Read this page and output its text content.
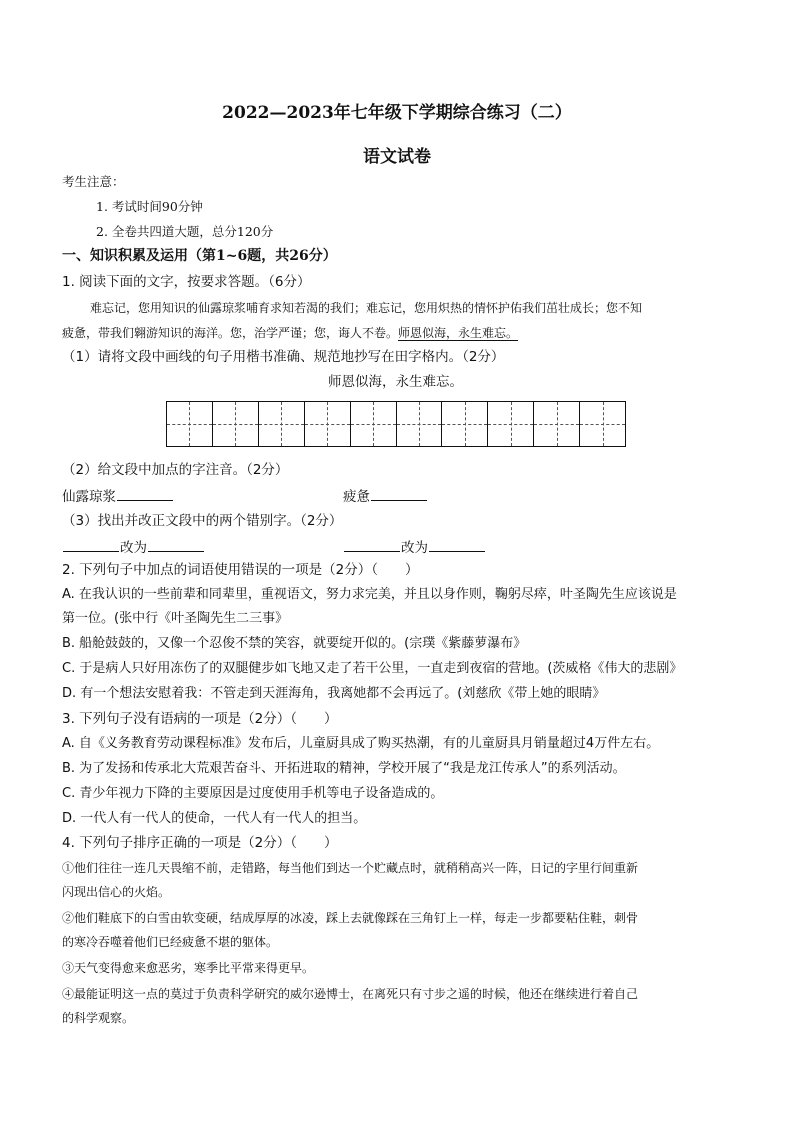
2022—2023年七年级下学期综合练习（二）
语文试卷
考生注意：
1. 考试时间90分钟
2. 全卷共四道大题，总分120分
一、知识积累及运用（第1~6题，共26分）
1. 阅读下面的文字，按要求答题。（6分）
难忘记，您用知识的仙露琼浆哺育求知若渴的我们；难忘记，您用炽热的情怀护佑我们茁壮成长；您不知
疲惫，带我们翱游知识的海洋。您，治学严谨；您，诲人不卷。师恩似海，永生难忘。
（1）请将文段中画线的句子用楷书准确、规范地抄写在田字格内。（2分）
师恩似海，永生难忘。
（2）给文段中加点的字注音。（2分）
仙露琼浆	疲惫
（3）找出并改正文段中的两个错别字。（2分）
改为	改为
2. 下列句子中加点的词语使用错误的一项是（2分）（　　）
A. 在我认识的一些前辈和同辈里，重视语文，努力求完美，并且以身作则，鞠躬尽瘁，叶圣陶先生应该说是
第一位。(张中行《叶圣陶先生二三事》
B. 船舱鼓鼓的，又像一个忍俊不禁的笑容，就要绽开似的。(宗璞《紫藤萝瀑布》
C. 于是病人只好用冻伤了的双腿健步如飞地又走了若干公里，一直走到夜宿的营地。(茨威格《伟大的悲剧》
D. 有一个想法安慰着我：不管走到天涯海角，我离她都不会再远了。(刘慈欣《带上她的眼睛》
3. 下列句子没有语病的一项是（2分）（　　）
A. 自《义务教育劳动课程标准》发布后，儿童厨具成了购买热潮，有的儿童厨具月销量超过4万件左右。
B. 为了发扬和传承北大荒艰苦奋斗、开拓进取的精神，学校开展了“我是龙江传承人”的系列活动。
C. 青少年视力下降的主要原因是过度使用手机等电子设备造成的。
D. 一代人有一代人的使命，一代人有一代人的担当。
4. 下列句子排序正确的一项是（2分）（　　）
①他们往往一连几天畏缩不前，走错路，每当他们到达一个贮藏点时，就稍稍高兴一阵，日记的字里行间重新
闪现出信心的火焰。
②他们鞋底下的白雪由软变硬，结成厚厚的冰凌，踩上去就像踩在三角钉上一样，每走一步都要粘住鞋，刺骨
的寒冷吞噬着他们已经疲惫不堪的躯体。
③天气变得愈来愈恶劣，寒季比平常来得更早。
④最能证明这一点的莫过于负责科学研究的威尔逊博士，在离死只有寸步之遥的时候，他还在继续进行着自己
的科学观察。
